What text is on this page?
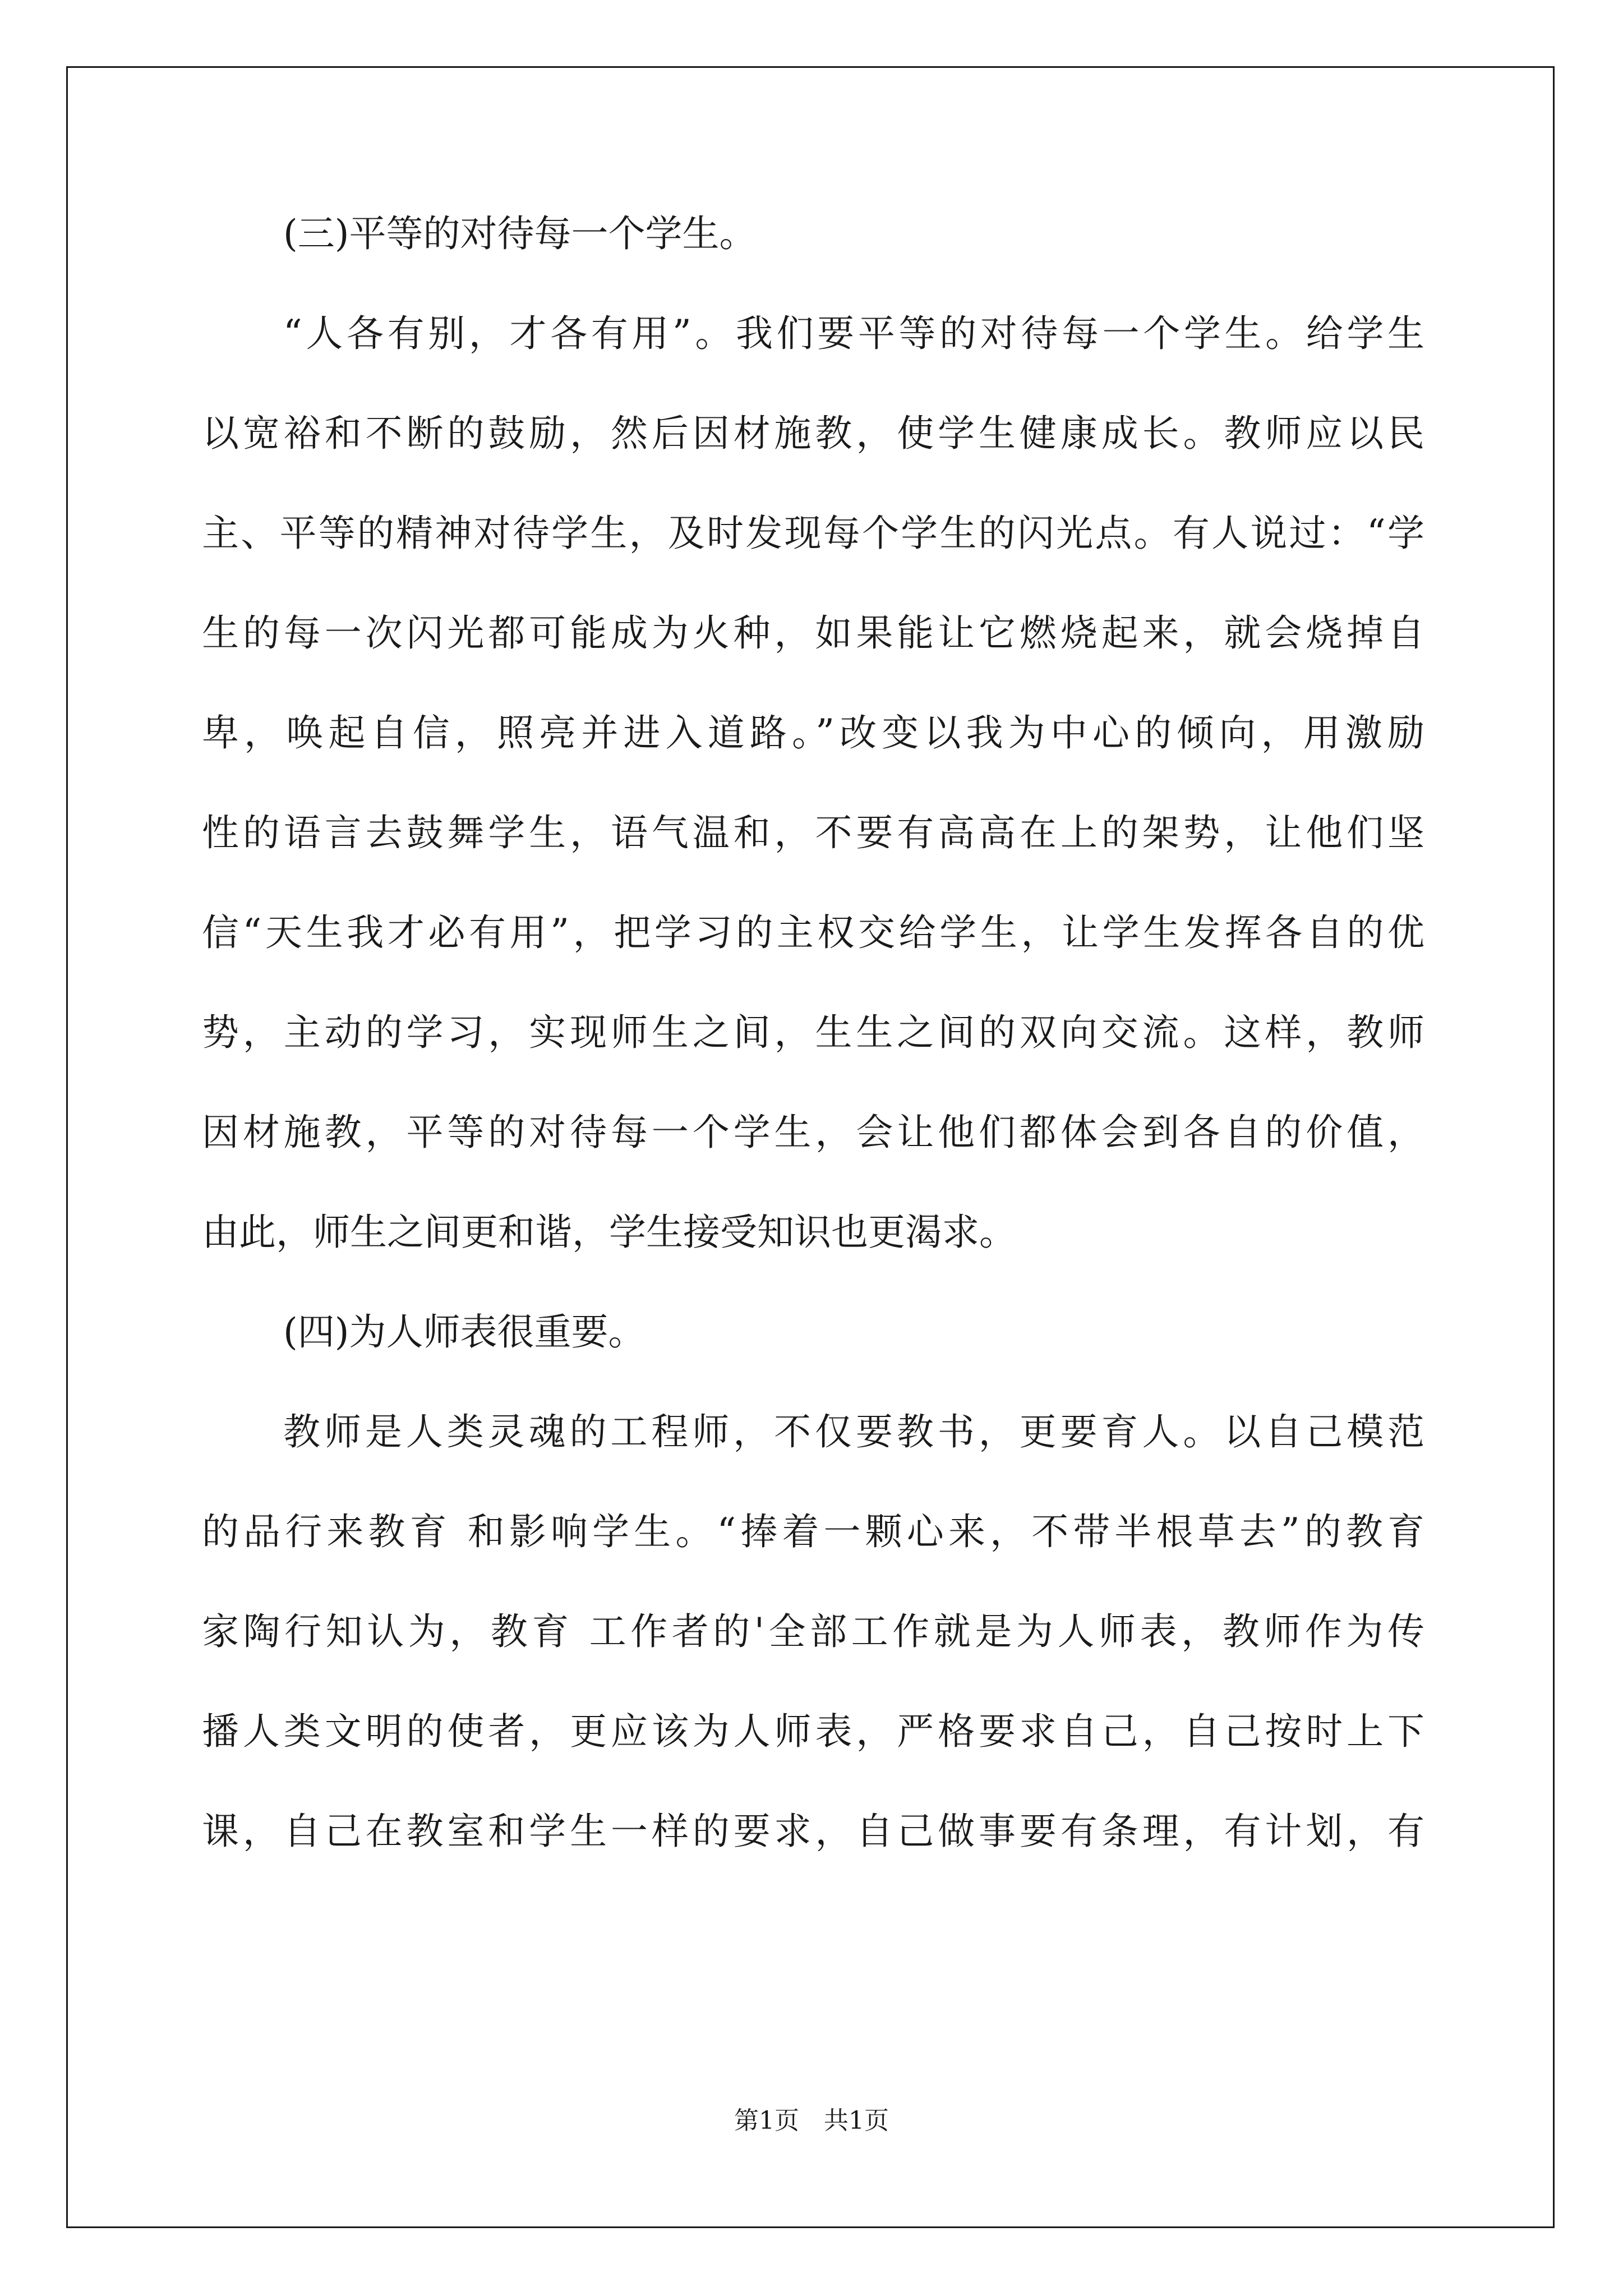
(三)平等的对待每一个学生。
“人各有别，才各有用”。我们要平等的对待每一个学生。给学生
以宽裕和不断的鼓励，然后因材施教，使学生健康成长。教师应以民
主、平等的精神对待学生，及时发现每个学生的闪光点。有人说过：“学
生的每一次闪光都可能成为火种，如果能让它燃烧起来，就会烧掉自
卑，唤起自信，照亮并进入道路。”改变以我为中心的倾向，用激励
性的语言去鼓舞学生，语气温和，不要有高高在上的架势，让他们坚
信“天生我才必有用”，把学习的主权交给学生，让学生发挥各自的优
势，主动的学习，实现师生之间，生生之间的双向交流。这样，教师
因材施教，平等的对待每一个学生，会让他们都体会到各自的价值，
由此，师生之间更和谐，学生接受知识也更渴求。
(四)为人师表很重要。
教师是人类灵魂的工程师，不仅要教书，更要育人。以自己模范
的品行来教育 和影响学生。“捧着一颗心来，不带半根草去”的教育
家陶行知认为，教育 工作者的'全部工作就是为人师表，教师作为传
播人类文明的使者，更应该为人师表，严格要求自己，自己按时上下
课，自己在教室和学生一样的要求，自己做事要有条理，有计划，有
第1页 共1页
